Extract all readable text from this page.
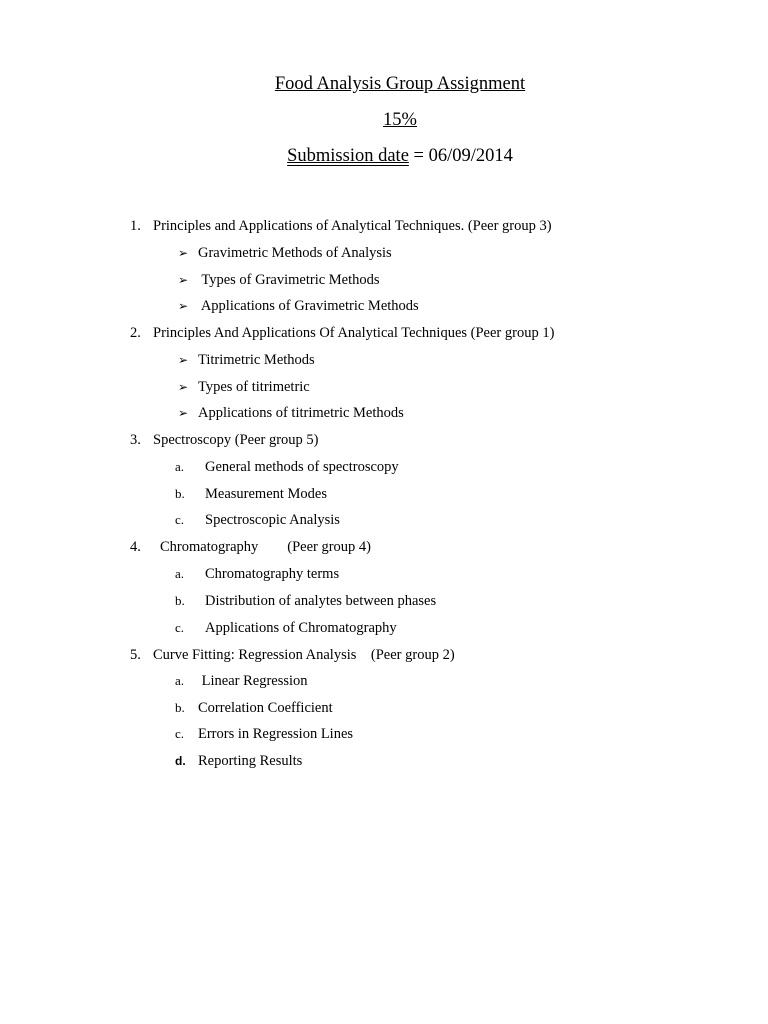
Food Analysis Group Assignment
15%
Submission date = 06/09/2014
1. Principles and Applications of Analytical Techniques. (Peer group 3)
➢ Gravimetric Methods of Analysis
➢ Types of Gravimetric Methods
➢ Applications of Gravimetric Methods
2. Principles And Applications Of Analytical Techniques (Peer group 1)
➢ Titrimetric Methods
➢ Types of titrimetric
➢ Applications of titrimetric Methods
3. Spectroscopy (Peer group 5)
a. General methods of spectroscopy
b. Measurement Modes
c. Spectroscopic Analysis
4. Chromatography        (Peer group 4)
a. Chromatography terms
b. Distribution of analytes between phases
c. Applications of Chromatography
5. Curve Fitting: Regression Analysis    (Peer group 2)
a. Linear Regression
b. Correlation Coefficient
c. Errors in Regression Lines
d. Reporting Results
